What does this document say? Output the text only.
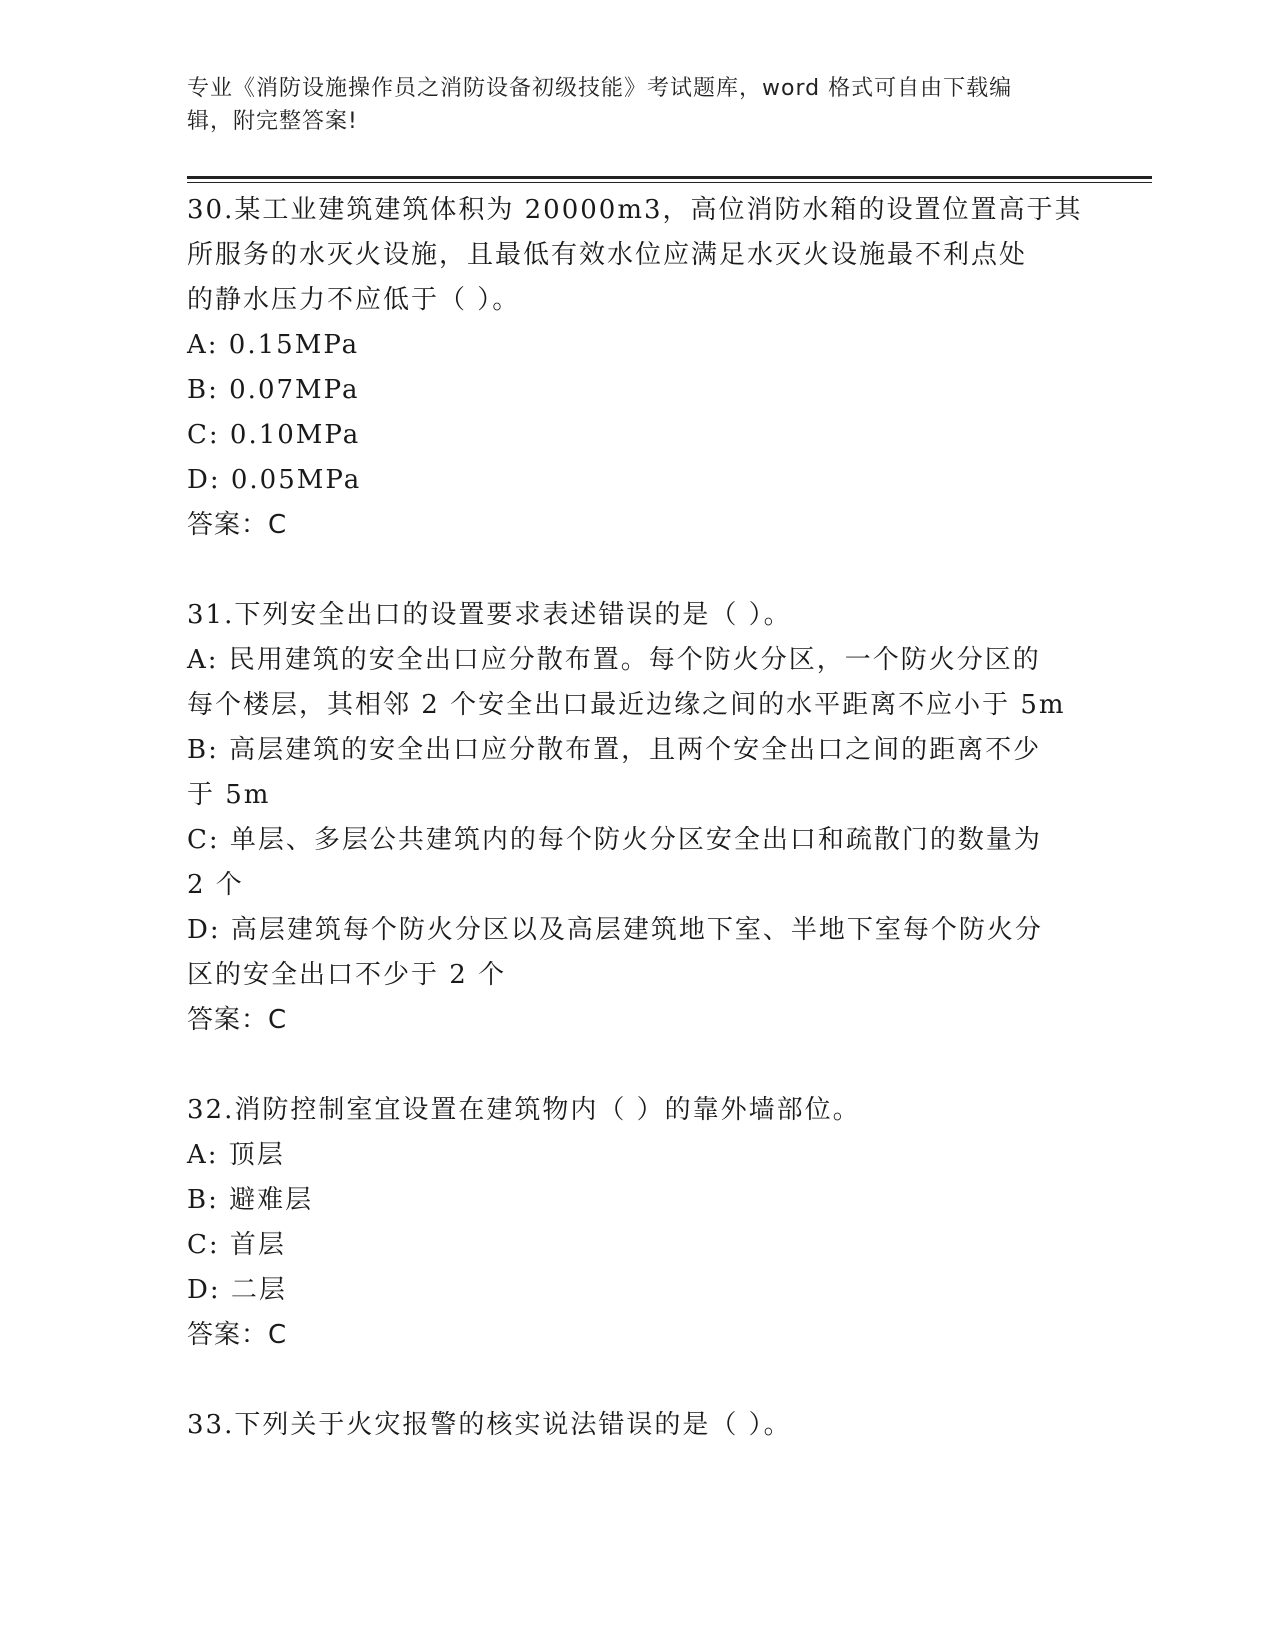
专业《消防设施操作员之消防设备初级技能》考试题库，word 格式可自由下载编
辑，附完整答案!
30.某工业建筑建筑体积为 20000m3，高位消防水箱的设置位置高于其
所服务的水灭火设施，且最低有效水位应满足水灭火设施最不利点处
的静水压力不应低于（ ）。
A: 0.15MPa
B: 0.07MPa
C: 0.10MPa
D: 0.05MPa
答案：C
31.下列安全出口的设置要求表述错误的是（ ）。
A: 民用建筑的安全出口应分散布置。每个防火分区，一个防火分区的
每个楼层，其相邻 2 个安全出口最近边缘之间的水平距离不应小于 5m
B: 高层建筑的安全出口应分散布置，且两个安全出口之间的距离不少
于 5m
C: 单层、多层公共建筑内的每个防火分区安全出口和疏散门的数量为
2 个
D: 高层建筑每个防火分区以及高层建筑地下室、半地下室每个防火分
区的安全出口不少于 2 个
答案：C
32.消防控制室宜设置在建筑物内（ ）的靠外墙部位。
A: 顶层
B: 避难层
C: 首层
D: 二层
答案：C
33.下列关于火灾报警的核实说法错误的是（ ）。
